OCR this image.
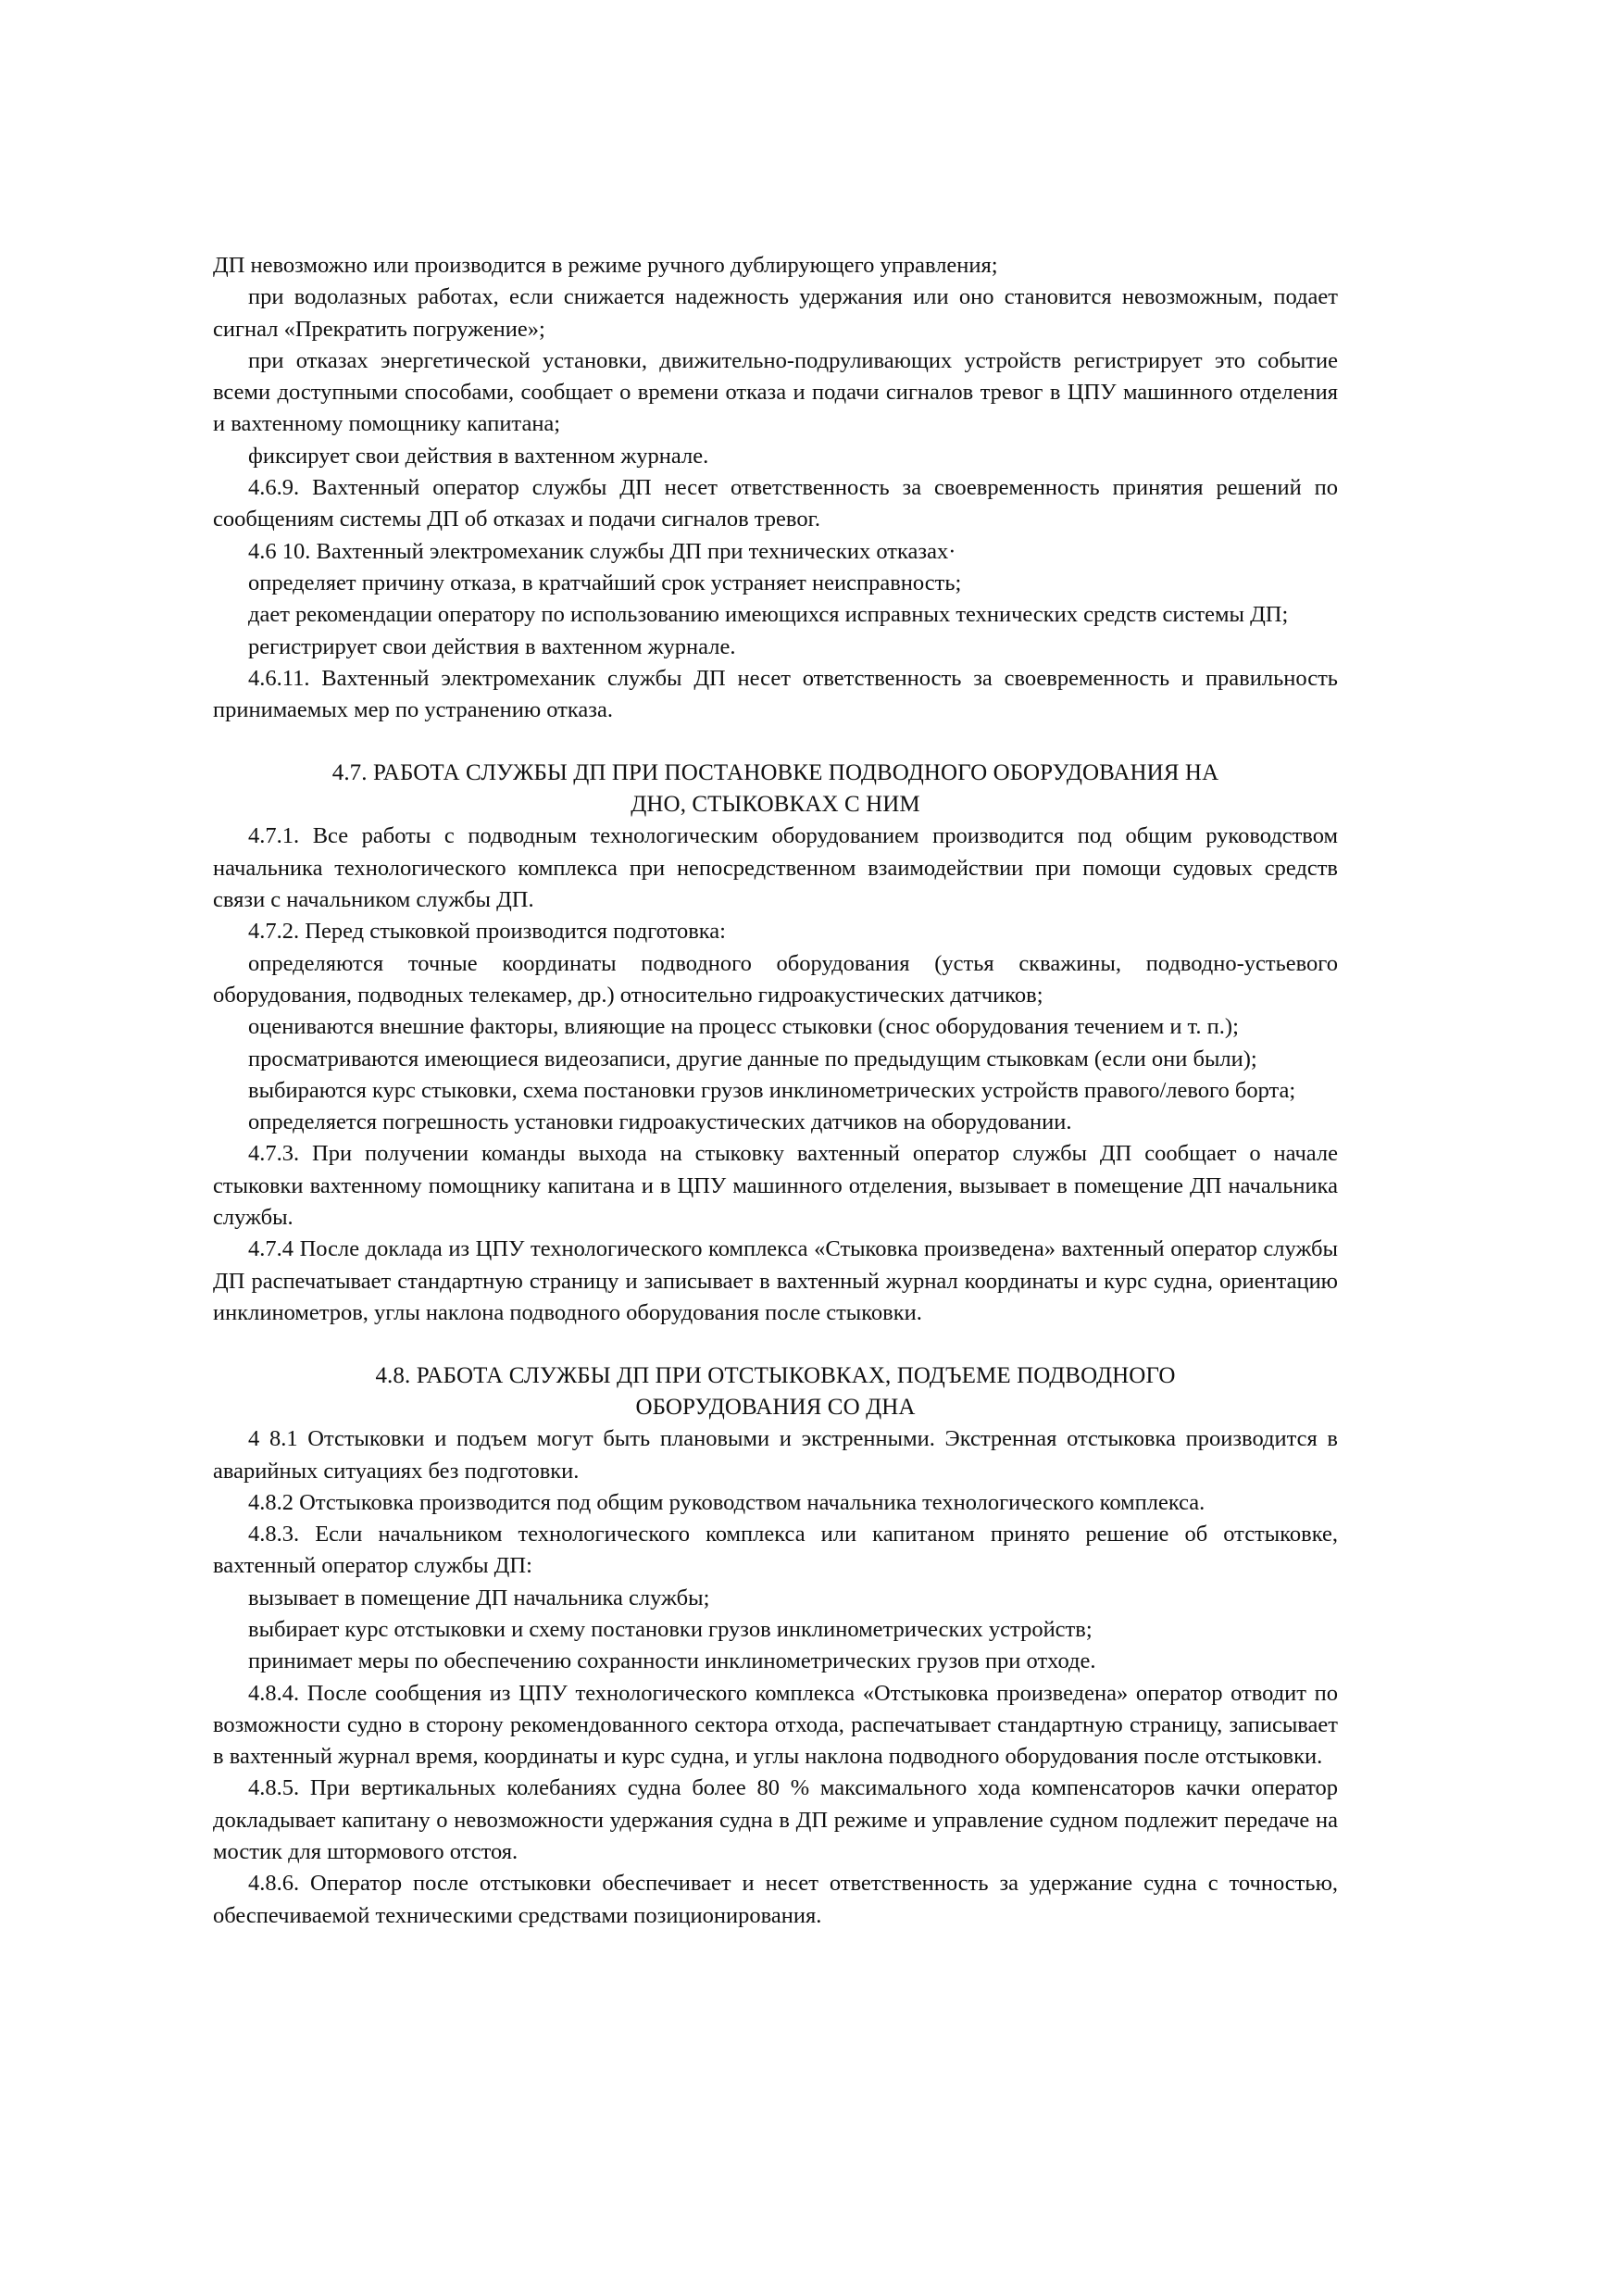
ДП невозможно или производится в режиме ручного дублирующего управления;

при водолазных работах, если снижается надежность удержания или оно становится невозможным, подает сигнал «Прекратить погружение»;

при отказах энергетической установки, движительно-подруливающих устройств регистрирует это событие всеми доступными способами, сообщает о времени отказа и подачи сигналов тревог в ЦПУ машинного отделения и вахтенному помощнику капитана;

фиксирует свои действия в вахтенном журнале.

4.6.9. Вахтенный оператор службы ДП несет ответственность за своевременность принятия решений по сообщениям системы ДП об отказах и подачи сигналов тревог.

4.6 10. Вахтенный электромеханик службы ДП при технических отказах·

определяет причину отказа, в кратчайший срок устраняет неисправность;

дает рекомендации оператору по использованию имеющихся исправных технических средств системы ДП;

регистрирует свои действия в вахтенном журнале.

4.6.11. Вахтенный электромеханик службы ДП несет ответственность за своевременность и правильность принимаемых мер по устранению отказа.

4.7. РАБОТА СЛУЖБЫ ДП ПРИ ПОСТАНОВКЕ ПОДВОДНОГО ОБОРУДОВАНИЯ НА
ДНО, СТЫКОВКАХ С НИМ

4.7.1. Все работы с подводным технологическим оборудованием производится под общим руководством начальника технологического комплекса при непосредственном взаимодействии при помощи судовых средств связи с начальником службы ДП.

4.7.2. Перед стыковкой производится подготовка:

определяются точные координаты подводного оборудования (устья скважины, подводно-устьевого оборудования, подводных телекамер, др.) относительно гидроакустических датчиков;

оцениваются внешние факторы, влияющие на процесс стыковки (снос оборудования течением и т. п.);

просматриваются имеющиеся видеозаписи, другие данные по предыдущим стыковкам (если они были);

выбираются курс стыковки, схема постановки грузов инклинометрических устройств правого/левого борта;

определяется погрешность установки гидроакустических датчиков на оборудовании.

4.7.3. При получении команды выхода на стыковку вахтенный оператор службы ДП сообщает о начале стыковки вахтенному помощнику капитана и в ЦПУ машинного отделения, вызывает в помещение ДП начальника службы.

4.7.4 После доклада из ЦПУ технологического комплекса «Стыковка произведена» вахтенный оператор службы ДП распечатывает стандартную страницу и записывает в вахтенный журнал координаты и курс судна, ориентацию инклинометров, углы наклона подводного оборудования после стыковки.

4.8. РАБОТА СЛУЖБЫ ДП ПРИ ОТСТЫКОВКАХ, ПОДЪЕМЕ ПОДВОДНОГО
ОБОРУДОВАНИЯ СО ДНА

4 8.1 Отстыковки и подъем могут быть плановыми и экстренными. Экстренная отстыковка производится в аварийных ситуациях без подготовки.

4.8.2 Отстыковка производится под общим руководством начальника технологического комплекса.

4.8.3. Если начальником технологического комплекса или капитаном принято решение об отстыковке, вахтенный оператор службы ДП:

вызывает в помещение ДП начальника службы;

выбирает курс отстыковки и схему постановки грузов инклинометрических устройств;

принимает меры по обеспечению сохранности инклинометрических грузов при отходе.

4.8.4. После сообщения из ЦПУ технологического комплекса «Отстыковка произведена» оператор отводит по возможности судно в сторону рекомендованного сектора отхода, распечатывает стандартную страницу, записывает в вахтенный журнал время, координаты и курс судна, и углы наклона подводного оборудования после отстыковки.

4.8.5. При вертикальных колебаниях судна более 80 % максимального хода компенсаторов качки оператор докладывает капитану о невозможности удержания судна в ДП режиме и управление судном подлежит передаче на мостик для штормового отстоя.

4.8.6. Оператор после отстыковки обеспечивает и несет ответственность за удержание судна с точностью, обеспечиваемой техническими средствами позиционирования.
